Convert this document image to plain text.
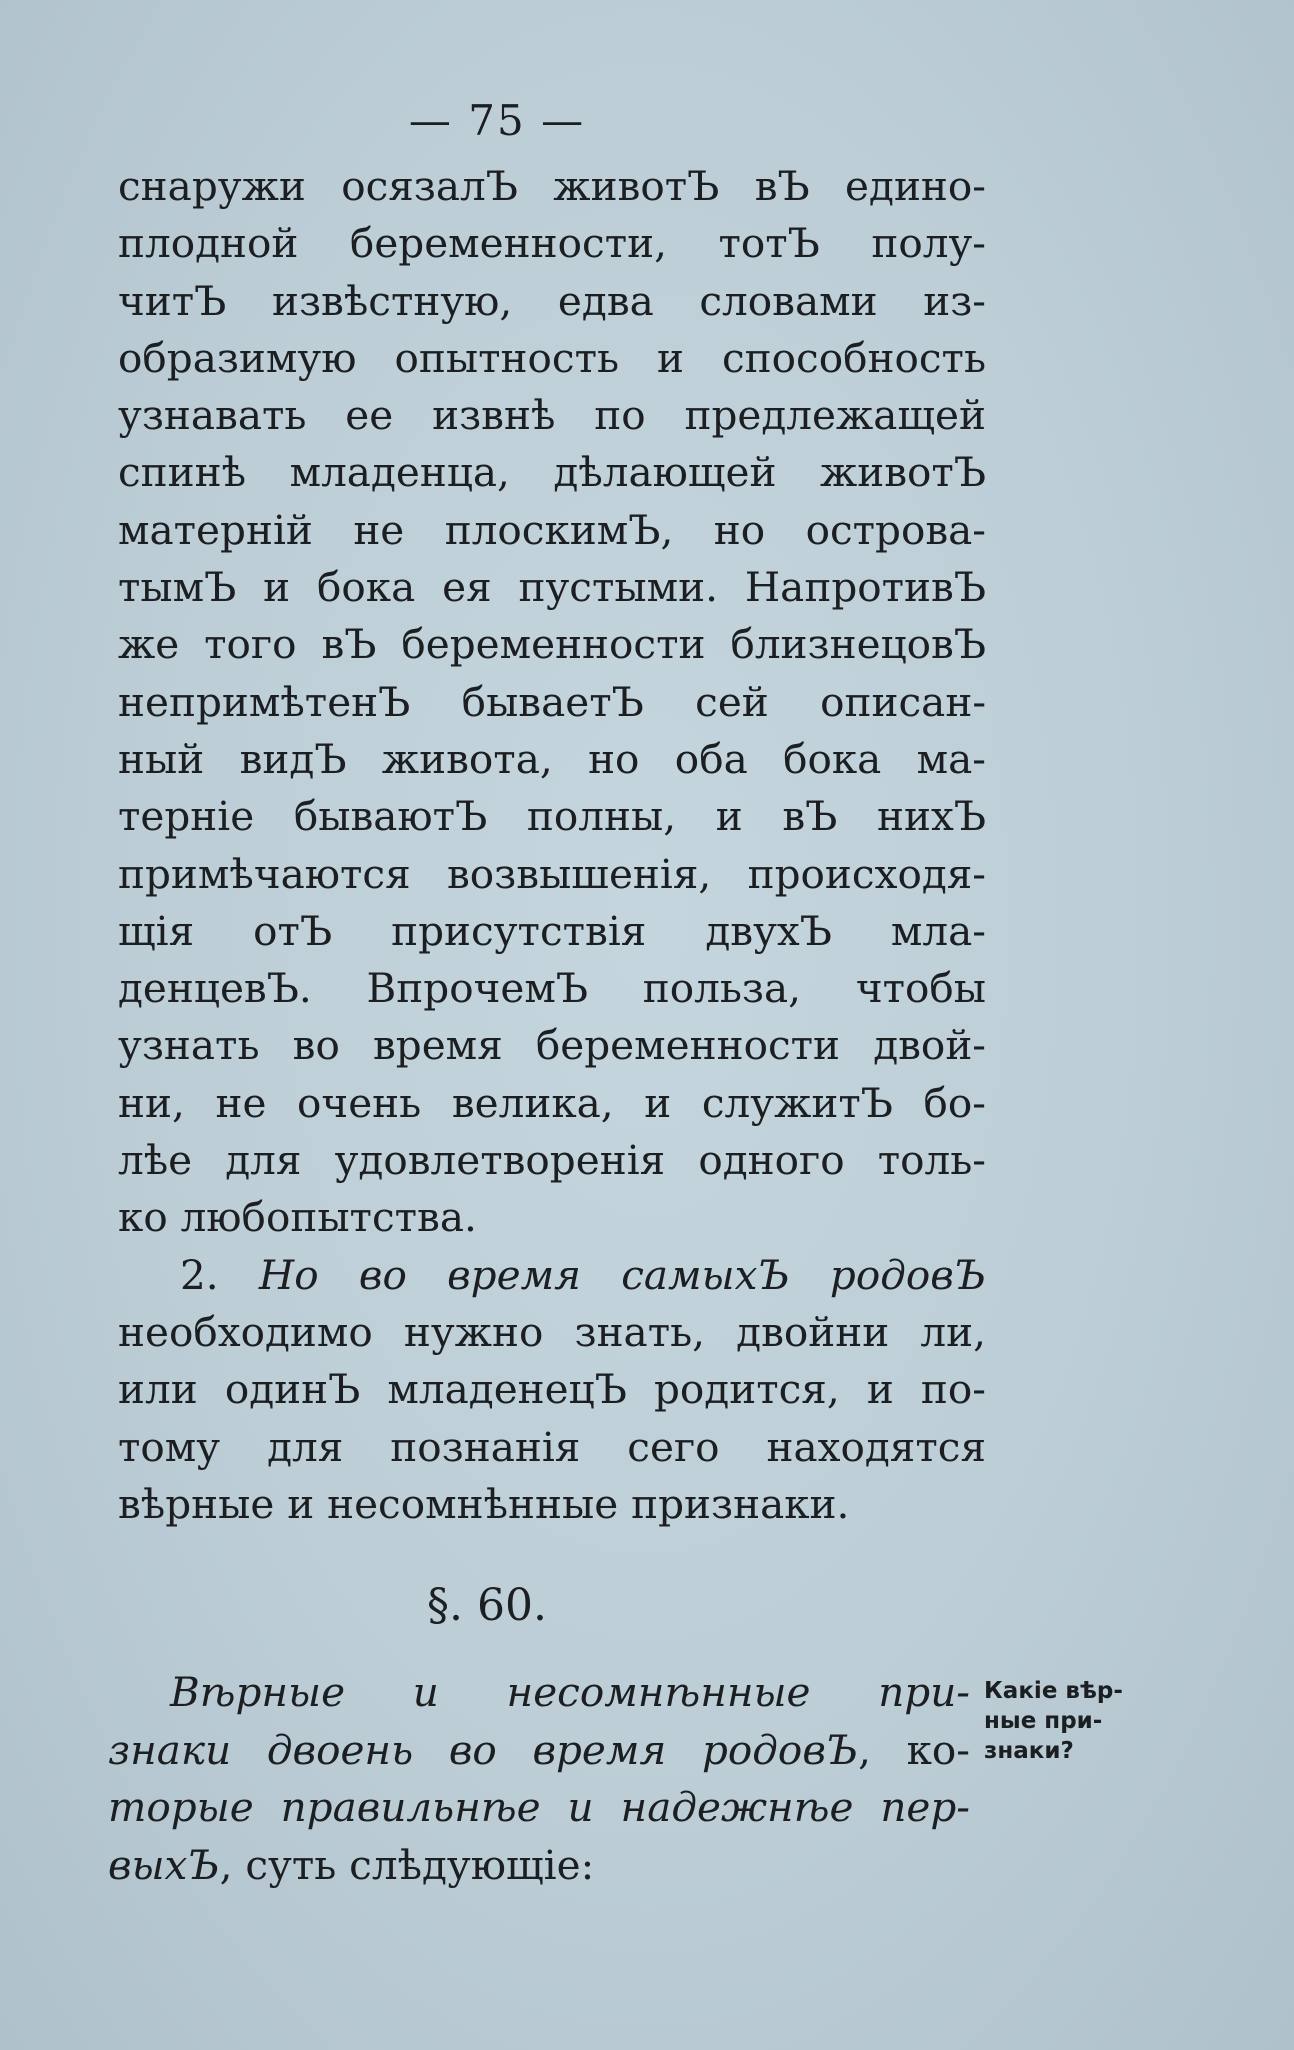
— 75 —
снаружи осязалЪ животЪ вЪ едино-
плодной беременности, тотЪ полу-
читЪ извѣстную, едва словами из-
образимую опытность и способность
узнавать ее извнѣ по предлежащей
спинѣ младенца, дѣлающей животЪ
матерній не плоскимЪ, но острова-
тымЪ и бока ея пустыми. НапротивЪ
же того вЪ беременности близнецовЪ
непримѣтенЪ бываетЪ сей описан-
ный видЪ живота, но оба бока ма-
терніе бываютЪ полны, и вЪ нихЪ
примѣчаются возвышенія, происходя-
щія отЪ присутствія двухЪ мла-
денцевЪ. ВпрочемЪ польза, чтобы
узнать во время беременности двой-
ни, не очень велика, и служитЪ бо-
лѣе для удовлетворенія одного толь-
ко любопытства.
2. Но во время самыхЪ родовЪ
необходимо нужно знать, двойни ли,
или одинЪ младенецЪ родится, и по-
тому для познанія сего находятся
вѣрные и несомнѣнные признаки.
§. 60.
Вѣрные и несомнѣнные при-
знаки двоень во время родовЪ, ко-
торые правильнѣе и надежнѣе пер-
выхЪ, суть слѣдующіе:
Какіе вѣр-
ные при-
знаки?
